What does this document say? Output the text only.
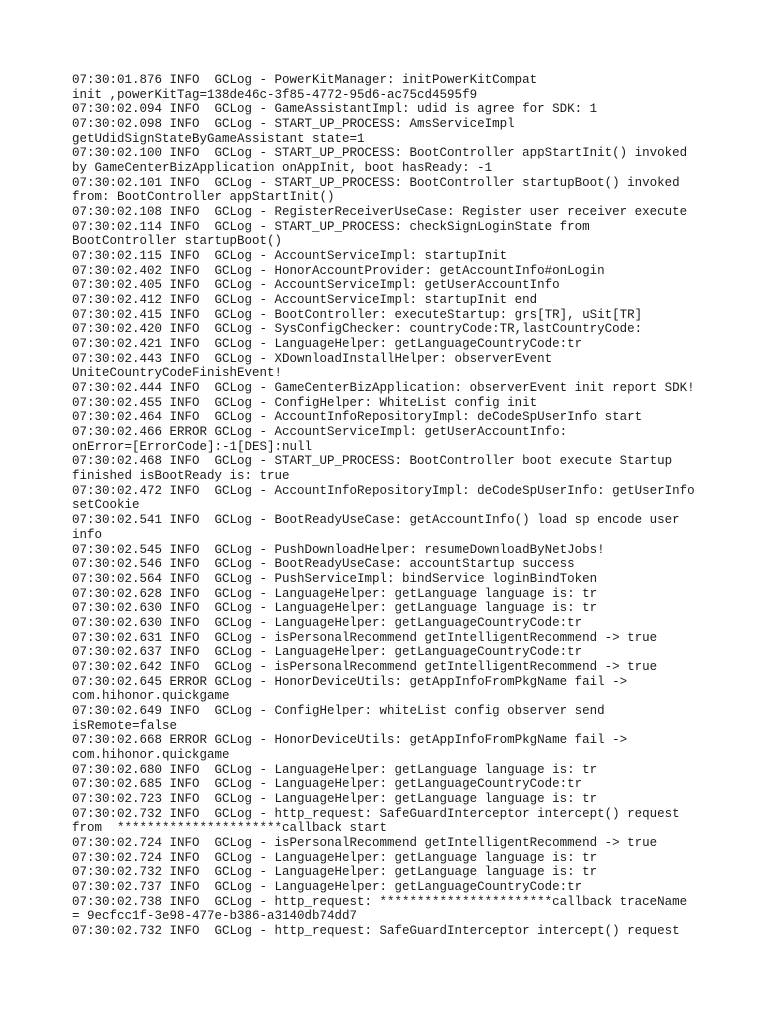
07:30:01.876 INFO  GCLog - PowerKitManager: initPowerKitCompat
init ,powerKitTag=138de46c-3f85-4772-95d6-ac75cd4595f9
07:30:02.094 INFO  GCLog - GameAssistantImpl: udid is agree for SDK: 1
07:30:02.098 INFO  GCLog - START_UP_PROCESS: AmsServiceImpl
getUdidSignStateByGameAssistant state=1
07:30:02.100 INFO  GCLog - START_UP_PROCESS: BootController appStartInit() invoked
by GameCenterBizApplication onAppInit, boot hasReady: -1
07:30:02.101 INFO  GCLog - START_UP_PROCESS: BootController startupBoot() invoked
from: BootController appStartInit()
07:30:02.108 INFO  GCLog - RegisterReceiverUseCase: Register user receiver execute
07:30:02.114 INFO  GCLog - START_UP_PROCESS: checkSignLoginState from
BootController startupBoot()
07:30:02.115 INFO  GCLog - AccountServiceImpl: startupInit
07:30:02.402 INFO  GCLog - HonorAccountProvider: getAccountInfo#onLogin
07:30:02.405 INFO  GCLog - AccountServiceImpl: getUserAccountInfo
07:30:02.412 INFO  GCLog - AccountServiceImpl: startupInit end
07:30:02.415 INFO  GCLog - BootController: executeStartup: grs[TR], uSit[TR]
07:30:02.420 INFO  GCLog - SysConfigChecker: countryCode:TR,lastCountryCode:
07:30:02.421 INFO  GCLog - LanguageHelper: getLanguageCountryCode:tr
07:30:02.443 INFO  GCLog - XDownloadInstallHelper: observerEvent
UniteCountryCodeFinishEvent!
07:30:02.444 INFO  GCLog - GameCenterBizApplication: observerEvent init report SDK!
07:30:02.455 INFO  GCLog - ConfigHelper: WhiteList config init
07:30:02.464 INFO  GCLog - AccountInfoRepositoryImpl: deCodeSpUserInfo start
07:30:02.466 ERROR GCLog - AccountServiceImpl: getUserAccountInfo:
onError=[ErrorCode]:-1[DES]:null
07:30:02.468 INFO  GCLog - START_UP_PROCESS: BootController boot execute Startup
finished isBootReady is: true
07:30:02.472 INFO  GCLog - AccountInfoRepositoryImpl: deCodeSpUserInfo: getUserInfo
setCookie
07:30:02.541 INFO  GCLog - BootReadyUseCase: getAccountInfo() load sp encode user
info
07:30:02.545 INFO  GCLog - PushDownloadHelper: resumeDownloadByNetJobs!
07:30:02.546 INFO  GCLog - BootReadyUseCase: accountStartup success
07:30:02.564 INFO  GCLog - PushServiceImpl: bindService loginBindToken
07:30:02.628 INFO  GCLog - LanguageHelper: getLanguage language is: tr
07:30:02.630 INFO  GCLog - LanguageHelper: getLanguage language is: tr
07:30:02.630 INFO  GCLog - LanguageHelper: getLanguageCountryCode:tr
07:30:02.631 INFO  GCLog - isPersonalRecommend getIntelligentRecommend -> true
07:30:02.637 INFO  GCLog - LanguageHelper: getLanguageCountryCode:tr
07:30:02.642 INFO  GCLog - isPersonalRecommend getIntelligentRecommend -> true
07:30:02.645 ERROR GCLog - HonorDeviceUtils: getAppInfoFromPkgName fail ->
com.hihonor.quickgame
07:30:02.649 INFO  GCLog - ConfigHelper: whiteList config observer send
isRemote=false
07:30:02.668 ERROR GCLog - HonorDeviceUtils: getAppInfoFromPkgName fail ->
com.hihonor.quickgame
07:30:02.680 INFO  GCLog - LanguageHelper: getLanguage language is: tr
07:30:02.685 INFO  GCLog - LanguageHelper: getLanguageCountryCode:tr
07:30:02.723 INFO  GCLog - LanguageHelper: getLanguage language is: tr
07:30:02.732 INFO  GCLog - http_request: SafeGuardInterceptor intercept() request
from  **********************callback start
07:30:02.724 INFO  GCLog - isPersonalRecommend getIntelligentRecommend -> true
07:30:02.724 INFO  GCLog - LanguageHelper: getLanguage language is: tr
07:30:02.732 INFO  GCLog - LanguageHelper: getLanguage language is: tr
07:30:02.737 INFO  GCLog - LanguageHelper: getLanguageCountryCode:tr
07:30:02.738 INFO  GCLog - http_request: ***********************callback traceName
= 9ecfcc1f-3e98-477e-b386-a3140db74dd7
07:30:02.732 INFO  GCLog - http_request: SafeGuardInterceptor intercept() request
